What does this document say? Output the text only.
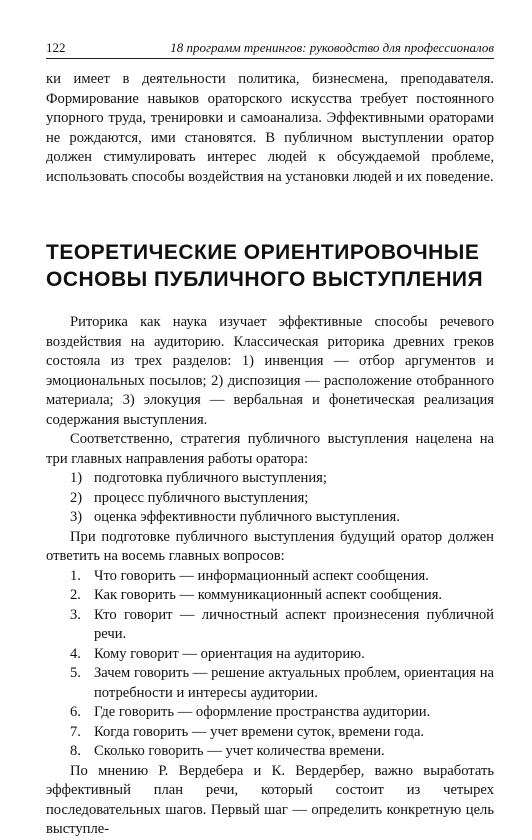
122	18 программ тренингов: руководство для профессионалов

ки имеет в деятельности политика, бизнесмена, преподавателя. Формирование навыков ораторского искусства требует постоянного упорного труда, тренировки и самоанализа. Эффективными ораторами не рождаются, ими становятся. В публичном выступлении оратор должен стимулировать интерес людей к обсуждаемой проблеме, использовать способы воздействия на установки людей и их поведение.

ТЕОРЕТИЧЕСКИЕ ОРИЕНТИРОВОЧНЫЕ
ОСНОВЫ ПУБЛИЧНОГО ВЫСТУПЛЕНИЯ

Риторика как наука изучает эффективные способы речевого воздействия на аудиторию. Классическая риторика древних греков состояла из трех разделов: 1) инвенция — отбор аргументов и эмоциональных посылов; 2) диспозиция — расположение отобранного материала; 3) элокуция — вербальная и фонетическая реализация содержания выступления.

Соответственно, стратегия публичного выступления нацелена на три главных направления работы оратора:

1) подготовка публичного выступления;
2) процесс публичного выступления;
3) оценка эффективности публичного выступления.

При подготовке публичного выступления будущий оратор должен ответить на восемь главных вопросов:

1. Что говорить — информационный аспект сообщения.
2. Как говорить — коммуникационный аспект сообщения.
3. Кто говорит — личностный аспект произнесения публичной речи.
4. Кому говорит — ориентация на аудиторию.
5. Зачем говорить — решение актуальных проблем, ориентация на потребности и интересы аудитории.
6. Где говорить — оформление пространства аудитории.
7. Когда говорить — учет времени суток, времени года.
8. Сколько говорить — учет количества времени.

По мнению Р. Вердебера и К. Вердербер, важно выработать эффективный план речи, который состоит из четырех последовательных шагов. Первый шаг — определить конкретную цель выступле-
